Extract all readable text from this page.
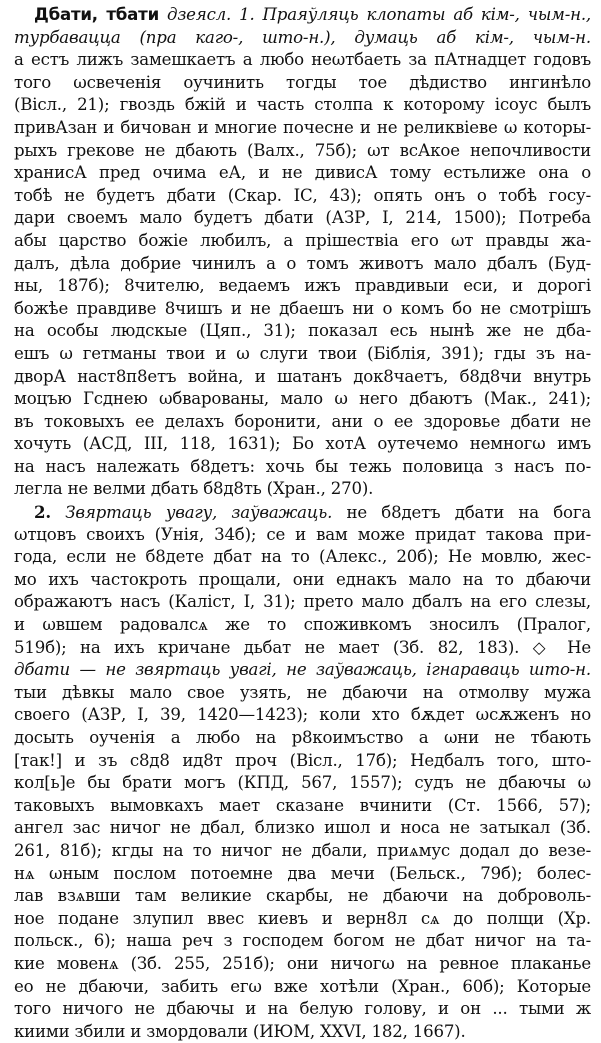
Дбати, тбати дзеясл. 1. Праяўляць клопаты аб кім-, чым-н.,
турбавацца (пра каго-, што-н.), думаць аб кім-, чым-н.
а естъ лижъ замешкаетъ а любо неωтбаеть за пАтнадцет годовъ
того ωсвеченія оучинить тогды тое дѣдиство ингинѣло
(Вісл., 21); гвоздь бжій и часть столпа к которому ісоус былъ
привАзан и бичован и многие почесне и не реликвіеве ω которы-
рыхъ грекове не дбають (Валх., 75б); ωт всАкое непочливости
хранисА пред очима еА, и не дивисА тому естьлиже она о
тобѣ не будетъ дбати (Скар. IС, 43); опять онъ о тобѣ госу-
дари своемъ мало будетъ дбати (АЗР, I, 214, 1500); Потреба
абы царство божіе любилъ, а прішествіа его ωт правды жа-
далъ, дѣла добрие чинилъ а о томъ животъ мало дбалъ (Буд-
ны, 187б); 8чителю, ведаемъ ижъ правдивыи еси, и дорогі
божѣе правдиве 8чишъ и не дбаешъ ни о комъ бо не смотрішъ
на особы людскыe (Цяп., 31); показал есь нынѣ же не дба-
ешъ ω гетманы твои и ω слуги твои (Біблія, 391); гды зъ на-
дворА наст8п8етъ война, и шатанъ док8чаетъ, б8д8чи внутрь
моцъю Гсднею ωбварованы, мало ω него дбаютъ (Мак., 241);
въ токовыхъ ее делахъ боронити, ани о ее здоровье дбати не
хочуть (АСД, III, 118, 1631); Бо хотА оутечемо немногω имъ
на насъ належать б8детъ: хочь бы тежь половица з насъ по-
легла не велми дбать б8д8ть (Хран., 270).
2. Звяртаць увагу, заўважаць. не б8детъ дбати на бога
ωтцовъ своихъ (Унія, 34б); се и вам може придат такова при-
годa, если не б8детe дбат на то (Алекс., 20б); Не мовлю, жес-
мо ихъ частокроть прощали, они еднакъ мало на то дбаючи
обpажаютъ насъ (Каліст, I, 31); прето мало дбалъ на его слезы,
и ωвшем радовалсѧ же то споживкомъ зносилъ (Пралог,
519б); на ихъ кричанe дьбат не маeт (Зб. 82, 183). ◇ Не
дбати — не звяртаць увагі, не заўважаць, ігнараваць што-н.
тыи дѣвкы мало свое узять, не дбаючи на отмолву мужа
своего (АЗР, I, 39, 1420—1423); коли хто бѫдет ωсѫженъ но
досыть оученія а любо на р8коимъство а ωни не тбають
[так!] и зъ с8д8 ид8т проч (Вісл., 17б); Недбалъ того, што-
кол[ь]е бы брати могъ (КПД, 567, 1557); судъ не дбаючы ω
таковыхъ вымовкахъ маeт сказанe вчинити (Ст. 1566, 57);
ангел зас ничог не дбал, близко ишол и носа не затыкал (Зб.
261, 81б); кгды на то ничог не дбали, приѧмус додал до везе-
нѧ ωным послом потоемне два мечи (Бельск., 79б); болес-
лав взѧвши там великие скарбы, не дбаючи на доброволь-
ное подане злупил ввес киевъ и верн8л сѧ до полщи (Хр.
польск., 6); наша реч з господем богом не дбат ничог на та-
кие мовенѧ (Зб. 255, 251б); они ничогω на ревное плаканье
ео не дбаючи, забить егω вже хотѣли (Хран., 60б); Которые
того ничого не дбаючы и на белую голову, и он ... тыми ж
киими збили и змордовали (ИЮМ, XXVI, 182, 1667).
